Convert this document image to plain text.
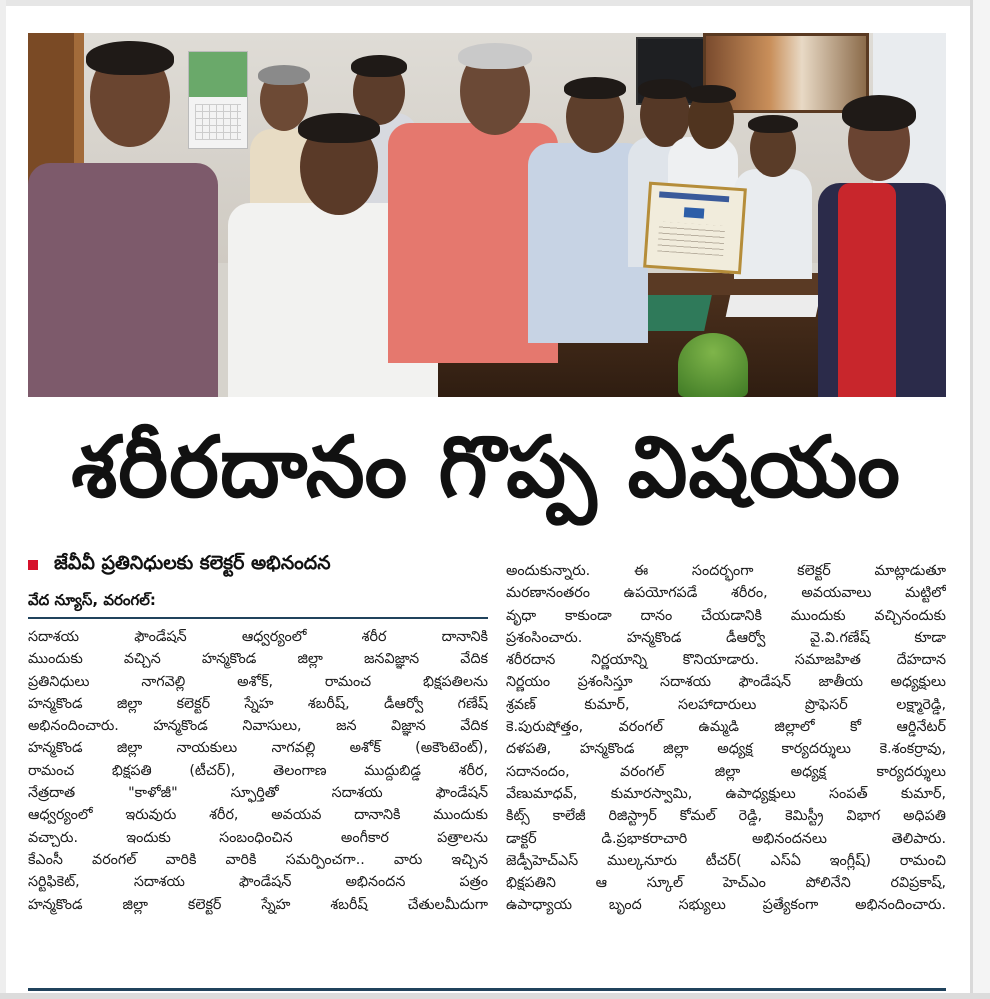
శరీరదానం గొప్ప విషయం
జేవీవీ ప్రతినిధులకు కలెక్టర్ అభినందన
వేద న్యూస్, వరంగల్:
సదాశయ ఫౌండేషన్ ఆధ్వర్యంలో శరీర దానానికి
ముందుకు వచ్చిన హన్మకొండ జిల్లా జనవిజ్ఞాన వేదిక
ప్రతినిధులు నాగవెల్లి అశోక్, రామంచ భిక్షపతిలను
హన్మకొండ జిల్లా కలెక్టర్ స్నేహ శబరీష్, డీఆర్వో గణేష్
అభినందించారు. హన్మకొండ నివాసులు, జన విజ్ఞాన వేదిక
హన్మకొండ జిల్లా నాయకులు నాగవల్లి అశోక్ (అకౌంటెంట్),
రామంచ భిక్షపతి (టీచర్), తెలంగాణ ముద్దుబిడ్డ శరీర,
నేత్రదాత "కాళోజీ" స్ఫూర్తితో సదాశయ ఫౌండేషన్
ఆధ్వర్యంలో ఇరువురు శరీర, అవయవ దానానికి ముందుకు
వచ్చారు. ఇందుకు సంబంధించిన అంగీకార పత్రాలను
కేఎంసీ వరంగల్ వారికి వారికి సమర్పించగా.. వారు ఇచ్చిన
సర్టిఫికెట్, సదాశయ ఫౌండేషన్ అభినందన పత్రం
హన్మకొండ జిల్లా కలెక్టర్ స్నేహ శబరీష్ చేతులమీదుగా
అందుకున్నారు. ఈ సందర్భంగా కలెక్టర్ మాట్లాడుతూ
మరణానంతరం ఉపయోగపడే శరీరం, అవయవాలు మట్టిలో
వృధా కాకుండా దానం చేయడానికి ముందుకు వచ్చినందుకు
ప్రశంసించారు. హన్మకొండ డీఆర్వో వై.వి.గణేష్ కూడా
శరీరదాన నిర్ణయాన్ని కొనియాడారు. సమాజహిత దేహదాన
నిర్ణయం ప్రశంసిస్తూ సదాశయ ఫౌండేషన్ జాతీయ అధ్యక్షులు
శ్రవణ్ కుమార్, సలహాదారులు ప్రొఫెసర్ లక్ష్మారెడ్డి,
కె.పురుషోత్తం, వరంగల్ ఉమ్మడి జిల్లాలో కో ఆర్డినేటర్
దళపతి, హన్మకొండ జిల్లా అధ్యక్ష కార్యదర్శులు కె.శంకర్రావు,
సదానందం, వరంగల్ జిల్లా అధ్యక్ష కార్యదర్శులు
వేణుమాధవ్, కుమారస్వామి, ఉపాధ్యక్షులు సంపత్ కుమార్,
కిట్స్ కాలేజీ రిజిస్ట్రార్ కోమల్ రెడ్డి, కెమిస్ట్రీ విభాగ అధిపతి
డాక్టర్ డి.ప్రభాకరాచారి అభినందనలు తెలిపారు.
జెడ్పీహెచ్ఎస్ ముల్కనూరు టీచర్( ఎస్ఏ ఇంగ్లీష్) రామంచి
భిక్షపతిని ఆ స్కూల్ హెచ్ఎం పోలినేని రవిప్రకాష్,
ఉపాధ్యాయ బృంద సభ్యులు ప్రత్యేకంగా అభినందించారు.
